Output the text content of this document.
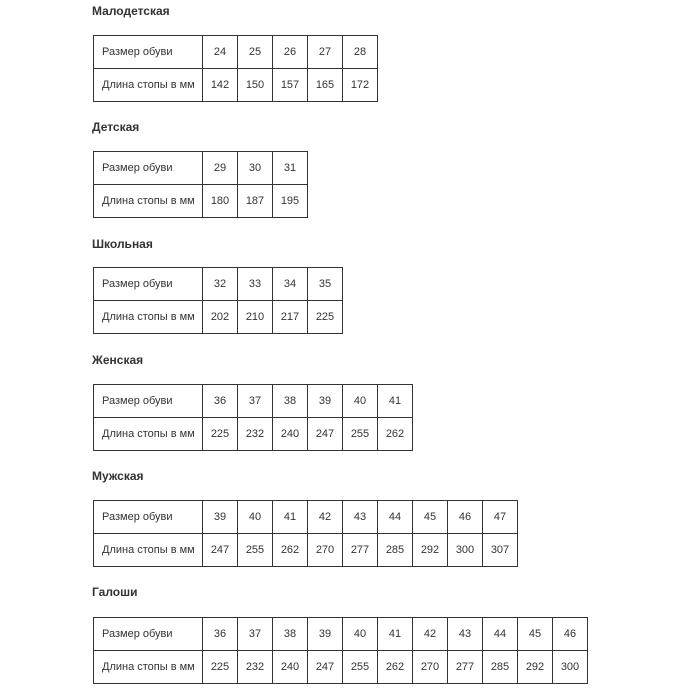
Малодетская
Размер обуви	24	25	26	27	28
Длина стопы в мм	142	150	157	165	172
Детская
Размер обуви	29	30	31
Длина стопы в мм	180	187	195
Школьная
Размер обуви	32	33	34	35
Длина стопы в мм	202	210	217	225
Женская
Размер обуви	36	37	38	39	40	41
Длина стопы в мм	225	232	240	247	255	262
Мужская
Размер обуви	39	40	41	42	43	44	45	46	47
Длина стопы в мм	247	255	262	270	277	285	292	300	307
Галоши
Размер обуви	36	37	38	39	40	41	42	43	44	45	46
Длина стопы в мм	225	232	240	247	255	262	270	277	285	292	300
